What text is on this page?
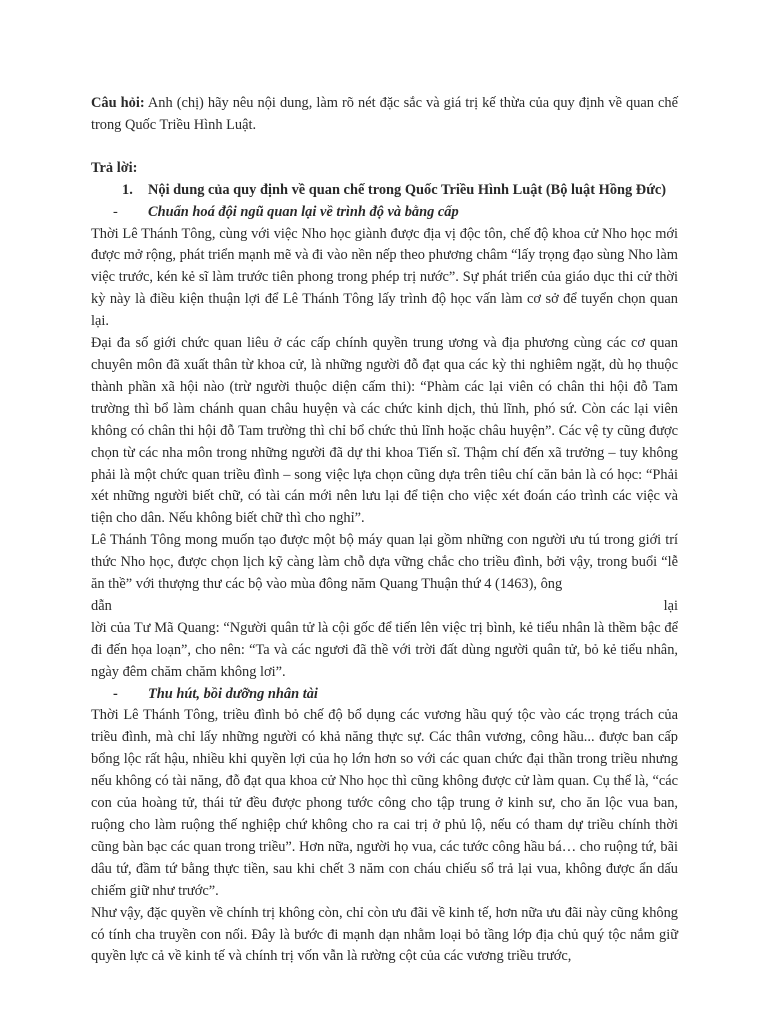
Câu hỏi: Anh (chị) hãy nêu nội dung, làm rõ nét đặc sắc và giá trị kế thừa của quy định về quan chế trong Quốc Triều Hình Luật.

Trả lời:

1.	Nội dung của quy định về quan chế trong Quốc Triều Hình Luật (Bộ luật Hồng Đức)
-	Chuẩn hoá đội ngũ quan lại về trình độ và bằng cấp

Thời Lê Thánh Tông, cùng với việc Nho học giành được địa vị độc tôn, chế độ khoa cử Nho học mới được mở rộng, phát triển mạnh mẽ và đi vào nền nếp theo phương châm “lấy trọng đạo sùng Nho làm việc trước, kén kẻ sĩ làm trước tiên phong trong phép trị nước”. Sự phát triển của giáo dục thi cử thời kỳ này là điều kiện thuận lợi để Lê Thánh Tông lấy trình độ học vấn làm cơ sở để tuyển chọn quan lại.

Đại đa số giới chức quan liêu ở các cấp chính quyền trung ương và địa phương cùng các cơ quan chuyên môn đã xuất thân từ khoa cử, là những người đỗ đạt qua các kỳ thi nghiêm ngặt, dù họ thuộc thành phần xã hội nào (trừ người thuộc diện cấm thi): “Phàm các lại viên có chân thi hội đỗ Tam trường thì bổ làm chánh quan châu huyện và các chức kinh dịch, thủ lĩnh, phó sứ. Còn các lại viên không có chân thi hội đỗ Tam trường thì chỉ bổ chức thủ lĩnh hoặc châu huyện”. Các vệ ty cũng được chọn từ các nha môn trong những người đã dự thi khoa Tiến sĩ. Thậm chí đến xã trưởng – tuy không phải là một chức quan triều đình – song việc lựa chọn cũng dựa trên tiêu chí căn bản là có học: “Phải xét những người biết chữ, có tài cán mới nên lưu lại để tiện cho việc xét đoán cáo trình các việc và tiện cho dân. Nếu không biết chữ thì cho nghỉ”.

Lê Thánh Tông mong muốn tạo được một bộ máy quan lại gồm những con người ưu tú trong giới trí thức Nho học, được chọn lịch kỹ càng làm chỗ dựa vững chắc cho triều đình, bởi vậy, trong buổi “lễ ăn thề” với thượng thư các bộ vào mùa đông năm Quang Thuận thứ 4 (1463), ông

dẫn	lại

lời của Tư Mã Quang: “Người quân tử là cội gốc để tiến lên việc trị bình, kẻ tiểu nhân là thềm bậc để đi đến họa loạn”, cho nên: “Ta và các ngươi đã thề với trời đất dùng người quân tử, bỏ kẻ tiểu nhân, ngày đêm chăm chăm không lơi”.

-	Thu hút, bồi dưỡng nhân tài

Thời Lê Thánh Tông, triều đình bỏ chế độ bổ dụng các vương hầu quý tộc vào các trọng trách của triều đình, mà chỉ lấy những người có khả năng thực sự. Các thân vương, công hầu... được ban cấp bổng lộc rất hậu, nhiều khi quyền lợi của họ lớn hơn so với các quan chức đại thần trong triều nhưng nếu không có tài năng, đỗ đạt qua khoa cử Nho học thì cũng không được cử làm quan. Cụ thể là, “các con của hoàng tử, thái tử đều được phong tước công cho tập trung ở kinh sư, cho ăn lộc vua ban, ruộng cho làm ruộng thế nghiệp chứ không cho ra cai trị ở phủ lộ, nếu có tham dự triều chính thời cũng bàn bạc các quan trong triều”. Hơn nữa, người họ vua, các tước công hầu bá… cho ruộng tứ, bãi dâu tứ, đầm tứ bằng thực tiền, sau khi chết 3 năm con cháu chiếu sổ trả lại vua, không được ẩn dấu chiếm giữ như trước”.

Như vậy, đặc quyền về chính trị không còn, chỉ còn ưu đãi về kinh tế, hơn nữa ưu đãi này cũng không có tính cha truyền con nối. Đây là bước đi mạnh dạn nhằm loại bỏ tầng lớp địa chủ quý tộc nắm giữ quyền lực cả về kinh tế và chính trị vốn vẫn là rường cột của các vương triều trước,
